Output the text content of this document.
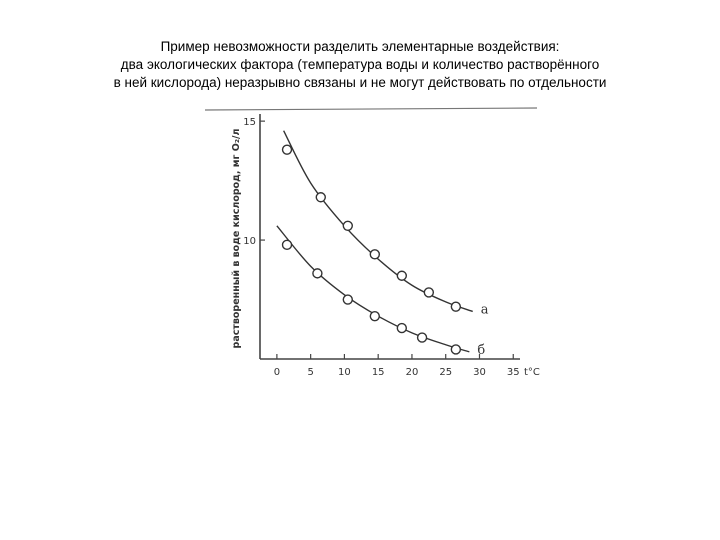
Пример невозможности разделить элементарные воздействия:
два экологических фактора (температура воды и количество растворённого
в ней кислорода) неразрывно связаны и не могут действовать по отдельности
0	5 10 15 20 25 30 35 t°C
10
15
растворенный в воде кислород, мг O₂/л	а
б
